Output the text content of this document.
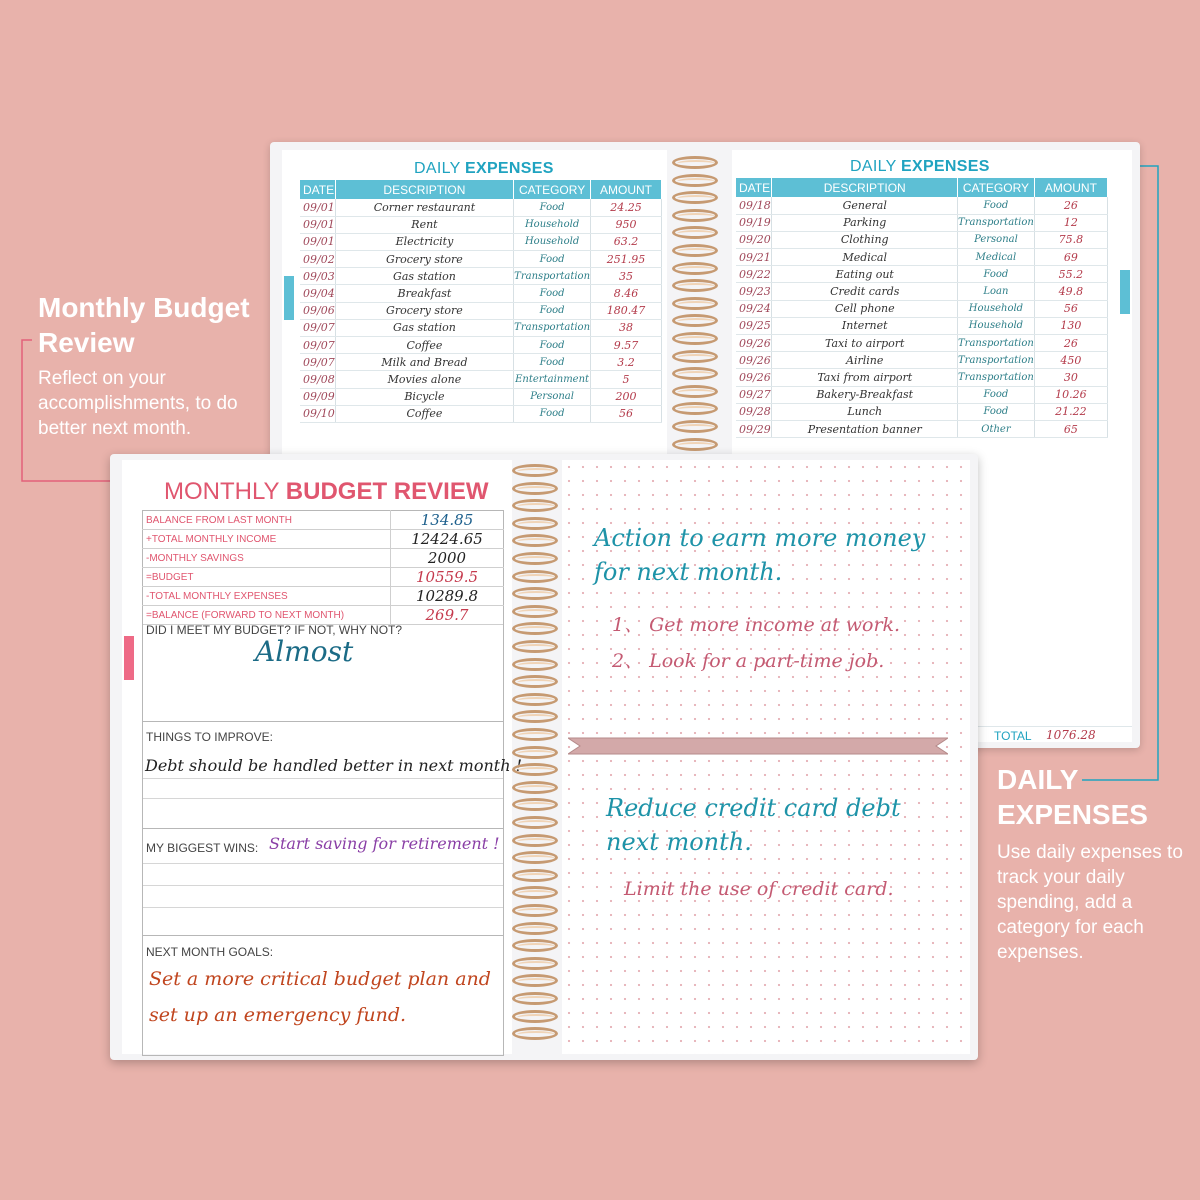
Monthly Budget Review
Reflect on your accomplishments, to do better next month.
DAILY EXPENSES
Use daily expenses to track your daily spending, add a category for each expenses.
DAILY EXPENSES
DATE	DESCRIPTION	CATEGORY	AMOUNT
09/01	Corner restaurant	Food	24.25
09/01	Rent	Household	950
09/01	Electricity	Household	63.2
09/02	Grocery store	Food	251.95
09/03	Gas station	Transportation	35
09/04	Breakfast	Food	8.46
09/06	Grocery store	Food	180.47
09/07	Gas station	Transportation	38
09/07	Coffee	Food	9.57
09/07	Milk and Bread	Food	3.2
09/08	Movies alone	Entertainment	5
09/09	Bicycle	Personal	200
09/10	Coffee	Food	56
DAILY EXPENSES
DATE	DESCRIPTION	CATEGORY	AMOUNT
09/18	General	Food	26
09/19	Parking	Transportation	12
09/20	Clothing	Personal	75.8
09/21	Medical	Medical	69
09/22	Eating out	Food	55.2
09/23	Credit cards	Loan	49.8
09/24	Cell phone	Household	56
09/25	Internet	Household	130
09/26	Taxi to airport	Transportation	26
09/26	Airline	Transportation	450
09/26	Taxi from airport	Transportation	30
09/27	Bakery-Breakfast	Food	10.26
09/28	Lunch	Food	21.22
09/29	Presentation banner	Other	65
TOTAL 1076.28
MONTHLY BUDGET REVIEW
BALANCE FROM LAST MONTH	134.85
+TOTAL MONTHLY INCOME	12424.65
-MONTHLY SAVINGS	2000
=BUDGET	10559.5
-TOTAL MONTHLY EXPENSES	10289.8
=BALANCE (FORWARD TO NEXT MONTH)	269.7
DID I MEET MY BUDGET? IF NOT, WHY NOT?
Almost
THINGS TO IMPROVE:
Debt should be handled better in next month !
MY BIGGEST WINS: Start saving for retirement !
NEXT MONTH GOALS:
Set a more critical budget plan and
set up an emergency fund.
Action to earn more money
for next month.
1、 Get more income at work.
2、 Look for a part-time job.
Reduce credit card debt
next month.
Limit the use of credit card.
